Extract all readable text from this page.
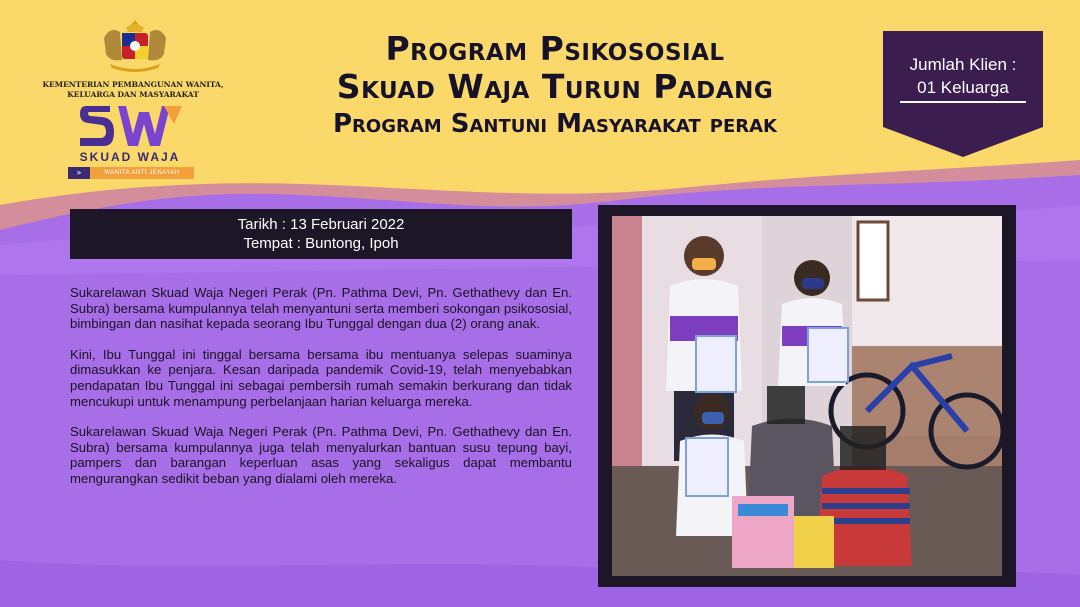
KEMENTERIAN PEMBANGUNAN WANITA, KELUARGA DAN MASYARAKAT
SKUAD WAJA
»	WANITA ANTI JENAYAH
Program Psikososial
Skuad Waja Turun Padang
Program Santuni Masyarakat perak
Jumlah Klien :
01 Keluarga
Tarikh : 13 Februari 2022
Tempat : Buntong, Ipoh

Sukarelawan Skuad Waja Negeri Perak (Pn. Pathma Devi, Pn. Gethathevy dan En. Subra) bersama kumpulannya telah menyantuni serta memberi sokongan psikososial, bimbingan dan nasihat kepada seorang Ibu Tunggal dengan dua (2) orang anak.

Kini, Ibu Tunggal ini tinggal bersama bersama ibu mentuanya selepas suaminya dimasukkan ke penjara. Kesan daripada pandemik Covid-19, telah menyebabkan pendapatan Ibu Tunggal ini sebagai pembersih rumah semakin berkurang dan tidak mencukupi untuk menampung perbelanjaan harian keluarga mereka.

Sukarelawan Skuad Waja Negeri Perak (Pn. Pathma Devi, Pn. Gethathevy dan En. Subra) bersama kumpulannya juga telah menyalurkan bantuan susu tepung bayi, pampers dan barangan keperluan asas yang sekaligus dapat membantu mengurangkan sedikit beban yang dialami oleh mereka.
